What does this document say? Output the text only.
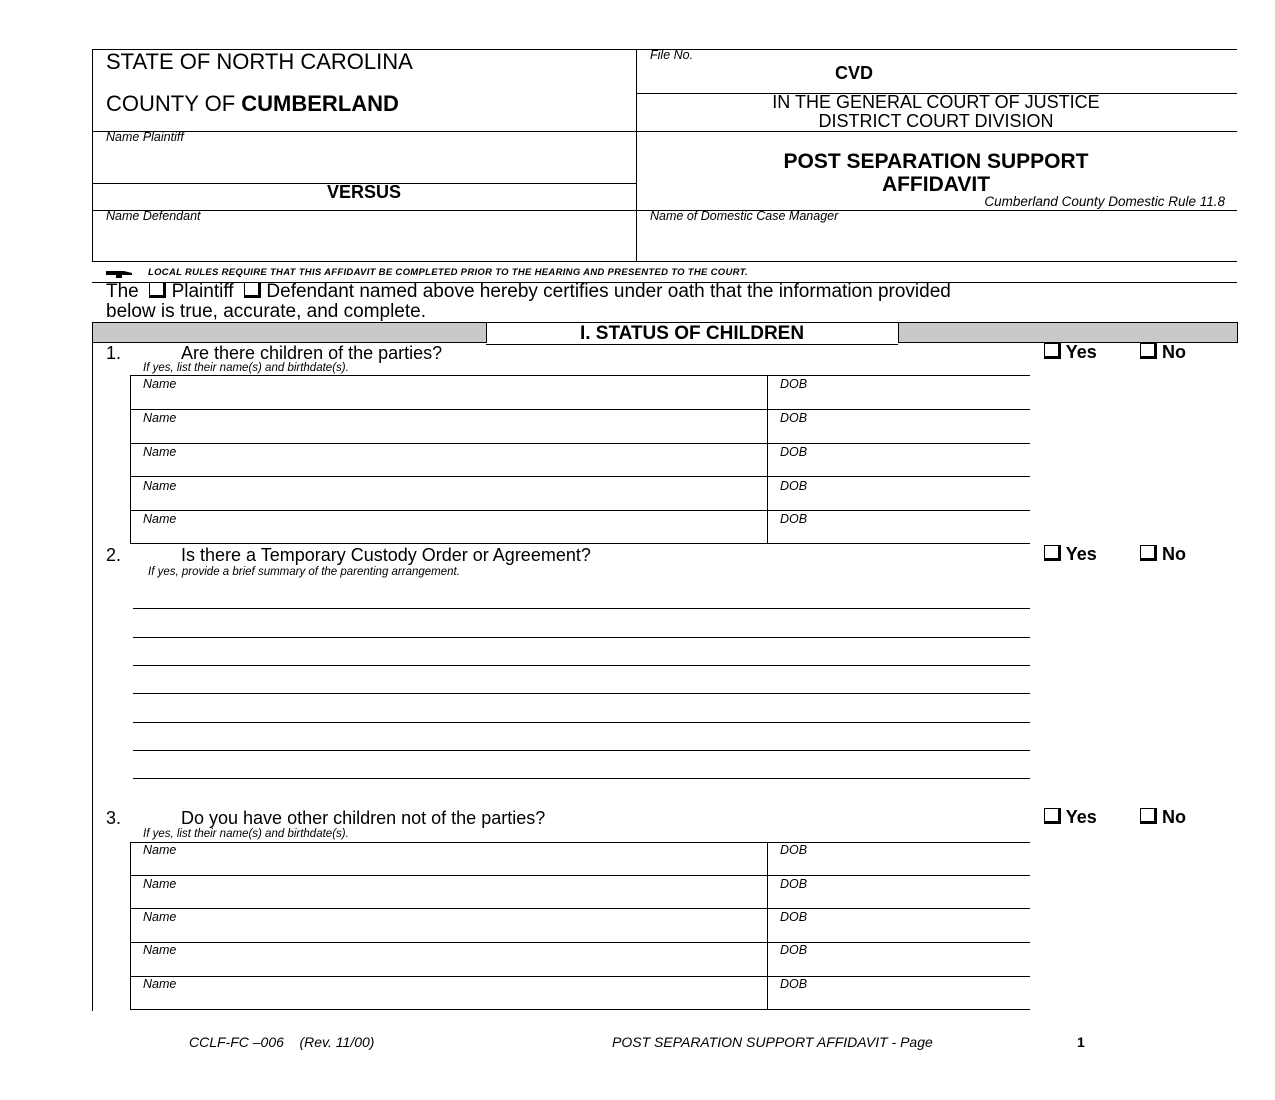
STATE OF NORTH CAROLINA
COUNTY OF CUMBERLAND
File No.
CVD
IN THE GENERAL COURT OF JUSTICE
DISTRICT COURT DIVISION
Name Plaintiff
VERSUS
Name Defendant
POST SEPARATION SUPPORT
AFFIDAVIT
Cumberland County Domestic Rule 11.8
Name of Domestic Case Manager
LOCAL RULES REQUIRE THAT THIS AFFIDAVIT BE COMPLETED PRIOR TO THE HEARING AND PRESENTED TO THE COURT.
The Plaintiff Defendant named above hereby certifies under oath that the information provided
below is true, accurate, and complete.
I. STATUS OF CHILDREN
1.	Are there children of the parties?
If yes, list their name(s) and birthdate(s).
Yes	No
Name	DOB
Name	DOB
Name	DOB
Name	DOB
Name	DOB
2.	Is there a Temporary Custody Order or Agreement?
If yes, provide a brief summary of the parenting arrangement.
Yes	No
3.	Do you have other children not of the parties?
If yes, list their name(s) and birthdate(s).
Yes	No
Name	DOB
Name	DOB
Name	DOB
Name	DOB
Name	DOB
CCLF-FC –006 (Rev. 11/00)	POST SEPARATION SUPPORT AFFIDAVIT - Page	1
